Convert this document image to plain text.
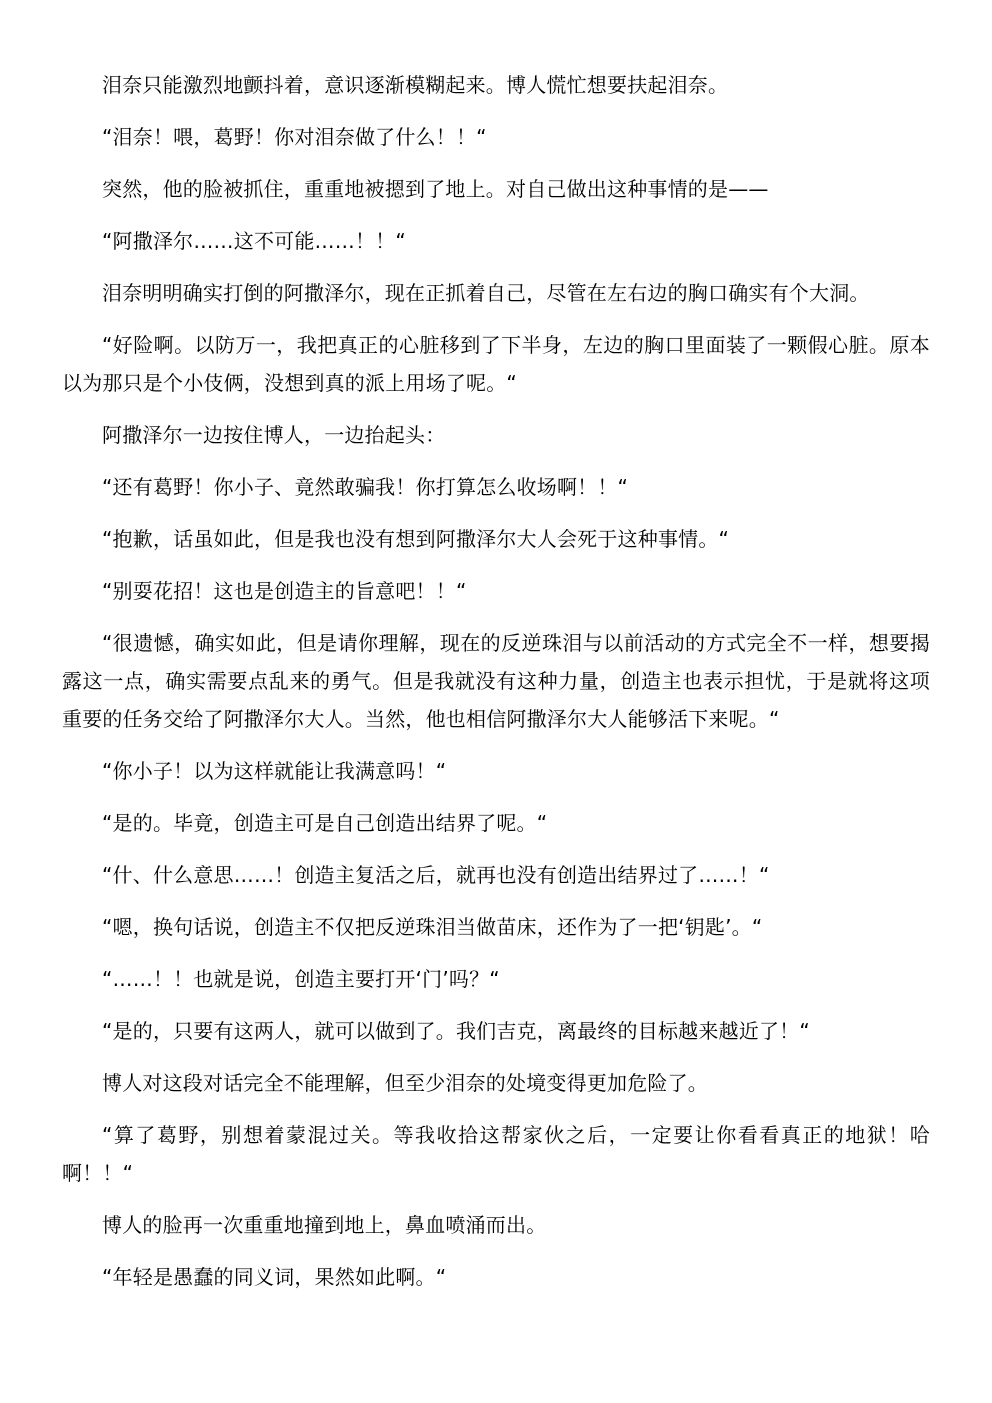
泪奈只能激烈地颤抖着，意识逐渐模糊起来。博人慌忙想要扶起泪奈。

“泪奈！喂，葛野！你对泪奈做了什么！！“

突然，他的脸被抓住，重重地被摁到了地上。对自己做出这种事情的是——

“阿撒泽尔……这不可能……！！“

泪奈明明确实打倒的阿撒泽尔，现在正抓着自己，尽管在左右边的胸口确实有个大洞。

“好险啊。以防万一，我把真正的心脏移到了下半身，左边的胸口里面装了一颗假心脏。原本以为那只是个小伎俩，没想到真的派上用场了呢。“

阿撒泽尔一边按住博人，一边抬起头：

“还有葛野！你小子、竟然敢骗我！你打算怎么收场啊！！“

“抱歉，话虽如此，但是我也没有想到阿撒泽尔大人会死于这种事情。“

“别耍花招！这也是创造主的旨意吧！！“

“很遗憾，确实如此，但是请你理解，现在的反逆珠泪与以前活动的方式完全不一样，想要揭露这一点，确实需要点乱来的勇气。但是我就没有这种力量，创造主也表示担忧，于是就将这项重要的任务交给了阿撒泽尔大人。当然，他也相信阿撒泽尔大人能够活下来呢。“

“你小子！以为这样就能让我满意吗！“

“是的。毕竟，创造主可是自己创造出结界了呢。“

“什、什么意思……！创造主复活之后，就再也没有创造出结界过了……！“

“嗯，换句话说，创造主不仅把反逆珠泪当做苗床，还作为了一把‘钥匙’。“

“……！！也就是说，创造主要打开‘门’吗？“

“是的，只要有这两人，就可以做到了。我们吉克，离最终的目标越来越近了！“

博人对这段对话完全不能理解，但至少泪奈的处境变得更加危险了。

“算了葛野，别想着蒙混过关。等我收拾这帮家伙之后，一定要让你看看真正的地狱！哈啊！！“

博人的脸再一次重重地撞到地上，鼻血喷涌而出。

“年轻是愚蠢的同义词，果然如此啊。“
